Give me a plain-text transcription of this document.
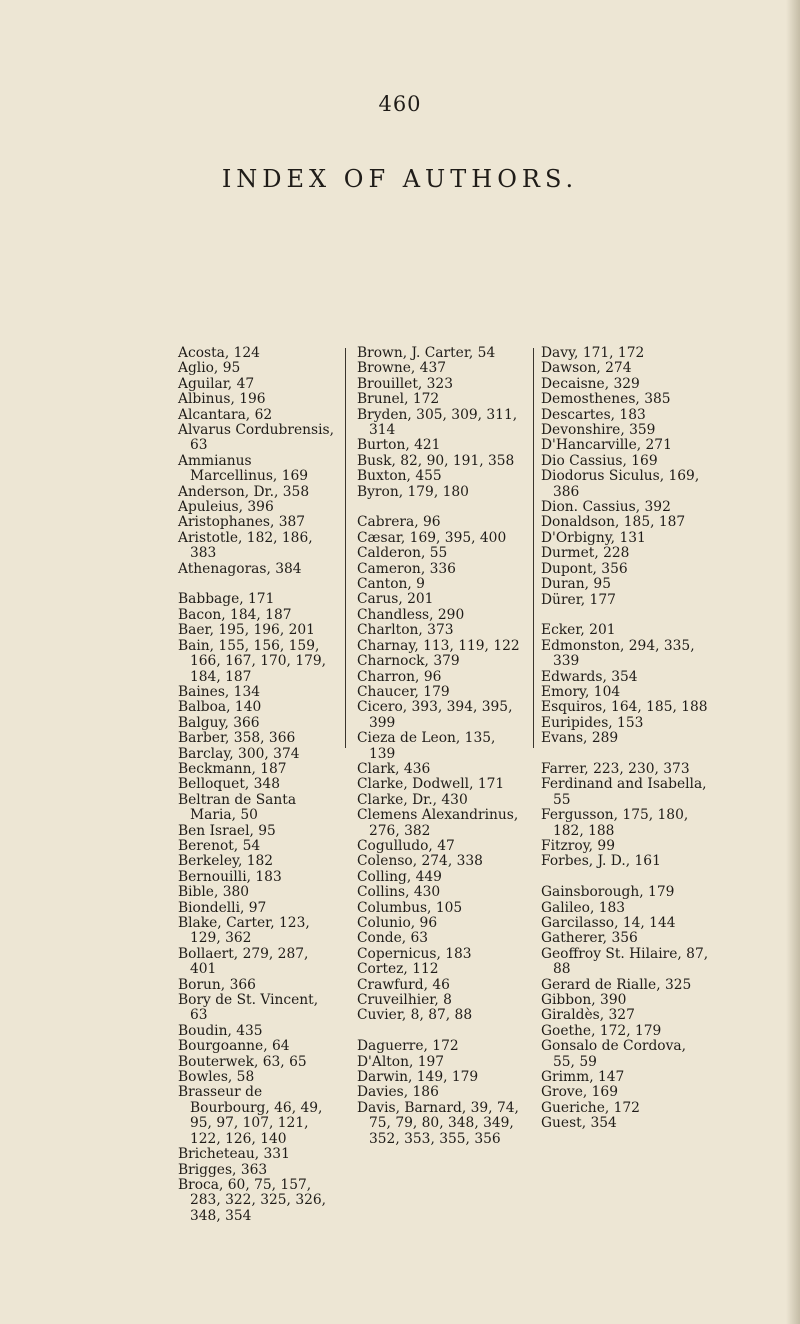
460
INDEX OF AUTHORS.
Acosta, 124
Aglio, 95
Aguilar, 47
Albinus, 196
Alcantara, 62
Alvarus Cordubrensis, 63
Ammianus Marcellinus, 169
Anderson, Dr., 358
Apuleius, 396
Aristophanes, 387
Aristotle, 182, 186, 383
Athenagoras, 384
Babbage, 171
Bacon, 184, 187
Baer, 195, 196, 201
Bain, 155, 156, 159, 166, 167, 170, 179, 184, 187
Baines, 134
Balboa, 140
Balguy, 366
Barber, 358, 366
Barclay, 300, 374
Beckmann, 187
Belloquet, 348
Beltran de Santa Maria, 50
Ben Israel, 95
Berenot, 54
Berkeley, 182
Bernouilli, 183
Bible, 380
Biondelli, 97
Blake, Carter, 123, 129, 362
Bollaert, 279, 287, 401
Borun, 366
Bory de St. Vincent, 63
Boudin, 435
Bourgoanne, 64
Bouterwek, 63, 65
Bowles, 58
Brasseur de Bourbourg, 46, 49, 95, 97, 107, 121, 122, 126, 140
Bricheteau, 331
Brigges, 363
Broca, 60, 75, 157, 283, 322, 325, 326, 348, 354
Brown, J. Carter, 54
Browne, 437
Brouillet, 323
Brunel, 172
Bryden, 305, 309, 311, 314
Burton, 421
Busk, 82, 90, 191, 358
Buxton, 455
Byron, 179, 180
Cabrera, 96
Cæsar, 169, 395, 400
Calderon, 55
Cameron, 336
Canton, 9
Carus, 201
Chandless, 290
Charlton, 373
Charnay, 113, 119, 122
Charnock, 379
Charron, 96
Chaucer, 179
Cicero, 393, 394, 395, 399
Cieza de Leon, 135, 139
Clark, 436
Clarke, Dodwell, 171
Clarke, Dr., 430
Clemens Alexandrinus, 276, 382
Cogulludo, 47
Colenso, 274, 338
Colling, 449
Collins, 430
Columbus, 105
Colunio, 96
Conde, 63
Copernicus, 183
Cortez, 112
Crawfurd, 46
Cruveilhier, 8
Cuvier, 8, 87, 88
Daguerre, 172
D'Alton, 197
Darwin, 149, 179
Davies, 186
Davis, Barnard, 39, 74, 75, 79, 80, 348, 349, 352, 353, 355, 356
Davy, 171, 172
Dawson, 274
Decaisne, 329
Demosthenes, 385
Descartes, 183
Devonshire, 359
D'Hancarville, 271
Dio Cassius, 169
Diodorus Siculus, 169, 386
Dion. Cassius, 392
Donaldson, 185, 187
D'Orbigny, 131
Durmet, 228
Dupont, 356
Duran, 95
Dürer, 177
Ecker, 201
Edmonston, 294, 335, 339
Edwards, 354
Emory, 104
Esquiros, 164, 185, 188
Euripides, 153
Evans, 289
Farrer, 223, 230, 373
Ferdinand and Isabella, 55
Fergusson, 175, 180, 182, 188
Fitzroy, 99
Forbes, J. D., 161
Gainsborough, 179
Galileo, 183
Garcilasso, 14, 144
Gatherer, 356
Geoffroy St. Hilaire, 87, 88
Gerard de Rialle, 325
Gibbon, 390
Giraldès, 327
Goethe, 172, 179
Gonsalo de Cordova, 55, 59
Grimm, 147
Grove, 169
Gueriche, 172
Guest, 354
